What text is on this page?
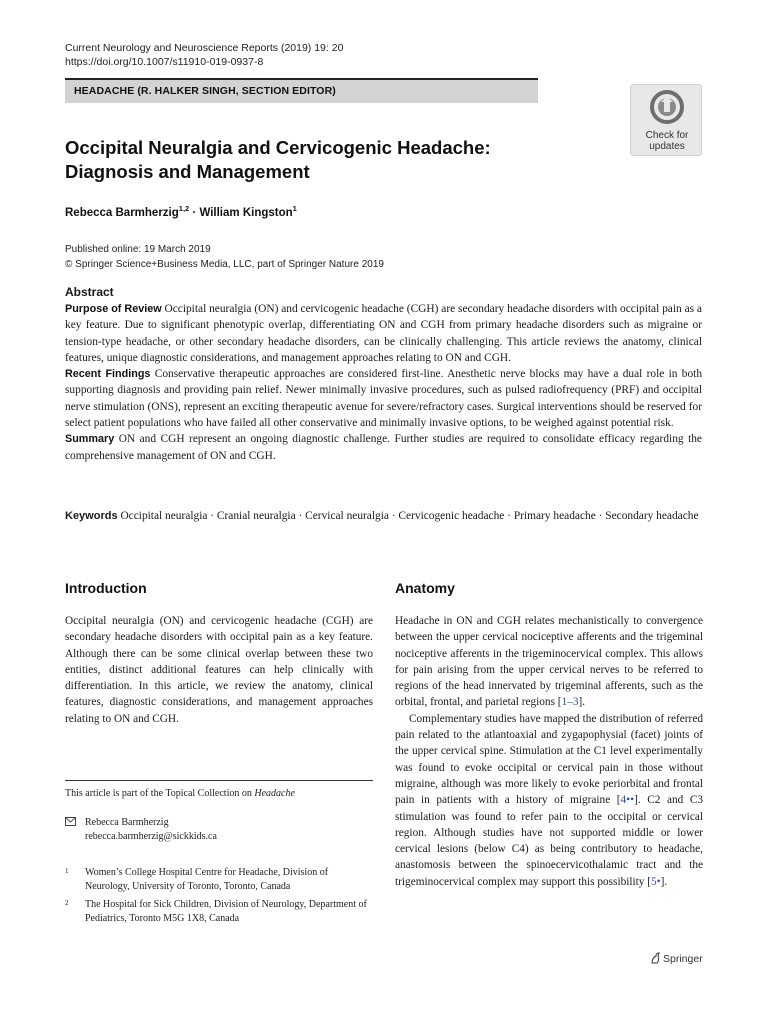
Current Neurology and Neuroscience Reports (2019) 19: 20
https://doi.org/10.1007/s11910-019-0937-8
HEADACHE (R. HALKER SINGH, SECTION EDITOR)
Check for
updates
Occipital Neuralgia and Cervicogenic Headache:
Diagnosis and Management
Rebecca Barmherzig$^{1,2}$ · William Kingston$^1$
Published online: 19 March 2019
© Springer Science+Business Media, LLC, part of Springer Nature 2019
Abstract

Purpose of Review Occipital neuralgia (ON) and cervicogenic headache (CGH) are secondary headache disorders with occipital pain as a key feature. Due to significant phenotypic overlap, differentiating ON and CGH from primary headache disorders such as migraine or tension-type headache, or other secondary headache disorders, can be clinically challenging. This article reviews the anatomy, clinical features, unique diagnostic considerations, and management approaches relating to ON and CGH.

Recent Findings Conservative therapeutic approaches are considered first-line. Anesthetic nerve blocks may have a dual role in both supporting diagnosis and providing pain relief. Newer minimally invasive procedures, such as pulsed radiofrequency (PRF) and occipital nerve stimulation (ONS), represent an exciting therapeutic avenue for severe/refractory cases. Surgical interventions should be reserved for select patient populations who have failed all other conservative and minimally invasive options, to be weighed against potential risk.

Summary ON and CGH represent an ongoing diagnostic challenge. Further studies are required to consolidate efficacy regarding the comprehensive management of ON and CGH.

Keywords Occipital neuralgia · Cranial neuralgia · Cervical neuralgia · Cervicogenic headache · Primary headache · Secondary headache
Introduction
Occipital neuralgia (ON) and cervicogenic headache (CGH) are secondary headache disorders with occipital pain as a key feature. Although there can be some clinical overlap between these two entities, distinct additional features can help clinically with differentiation. In this article, we review the anatomy, clinical features, diagnostic considerations, and management approaches relating to ON and CGH.
Anatomy

Headache in ON and CGH relates mechanistically to convergence between the upper cervical nociceptive afferents and the trigeminal nociceptive afferents in the trigeminocervical complex. This allows for pain arising from the upper cervical nerves to be referred to regions of the head innervated by trigeminal afferents, such as the orbital, frontal, and parietal regions [1–3].

Complementary studies have mapped the distribution of referred pain related to the atlantoaxial and zygapophysial (facet) joints of the upper cervical spine. Stimulation at the C1 level experimentally was found to evoke occipital or cervical pain in those without migraine, although was more likely to evoke periorbital and frontal pain in patients with a history of migraine [4••]. C2 and C3 stimulation was found to refer pain to the occipital or cervical region. Although studies have not supported middle or lower cervical lesions (below C4) as being contributory to headache, anastomosis between the spinoecervicothalamic tract and the trigeminocervical complex may support this possibility [5•].

This article is part of the Topical Collection on Headache
Rebecca Barmherzig
rebecca.barmherzig@sickkids.ca
1 Women’s College Hospital Centre for Headache, Division of Neurology, University of Toronto, Toronto, Canada
2 The Hospital for Sick Children, Division of Neurology, Department of Pediatrics, Toronto M5G 1X8, Canada
Springer
